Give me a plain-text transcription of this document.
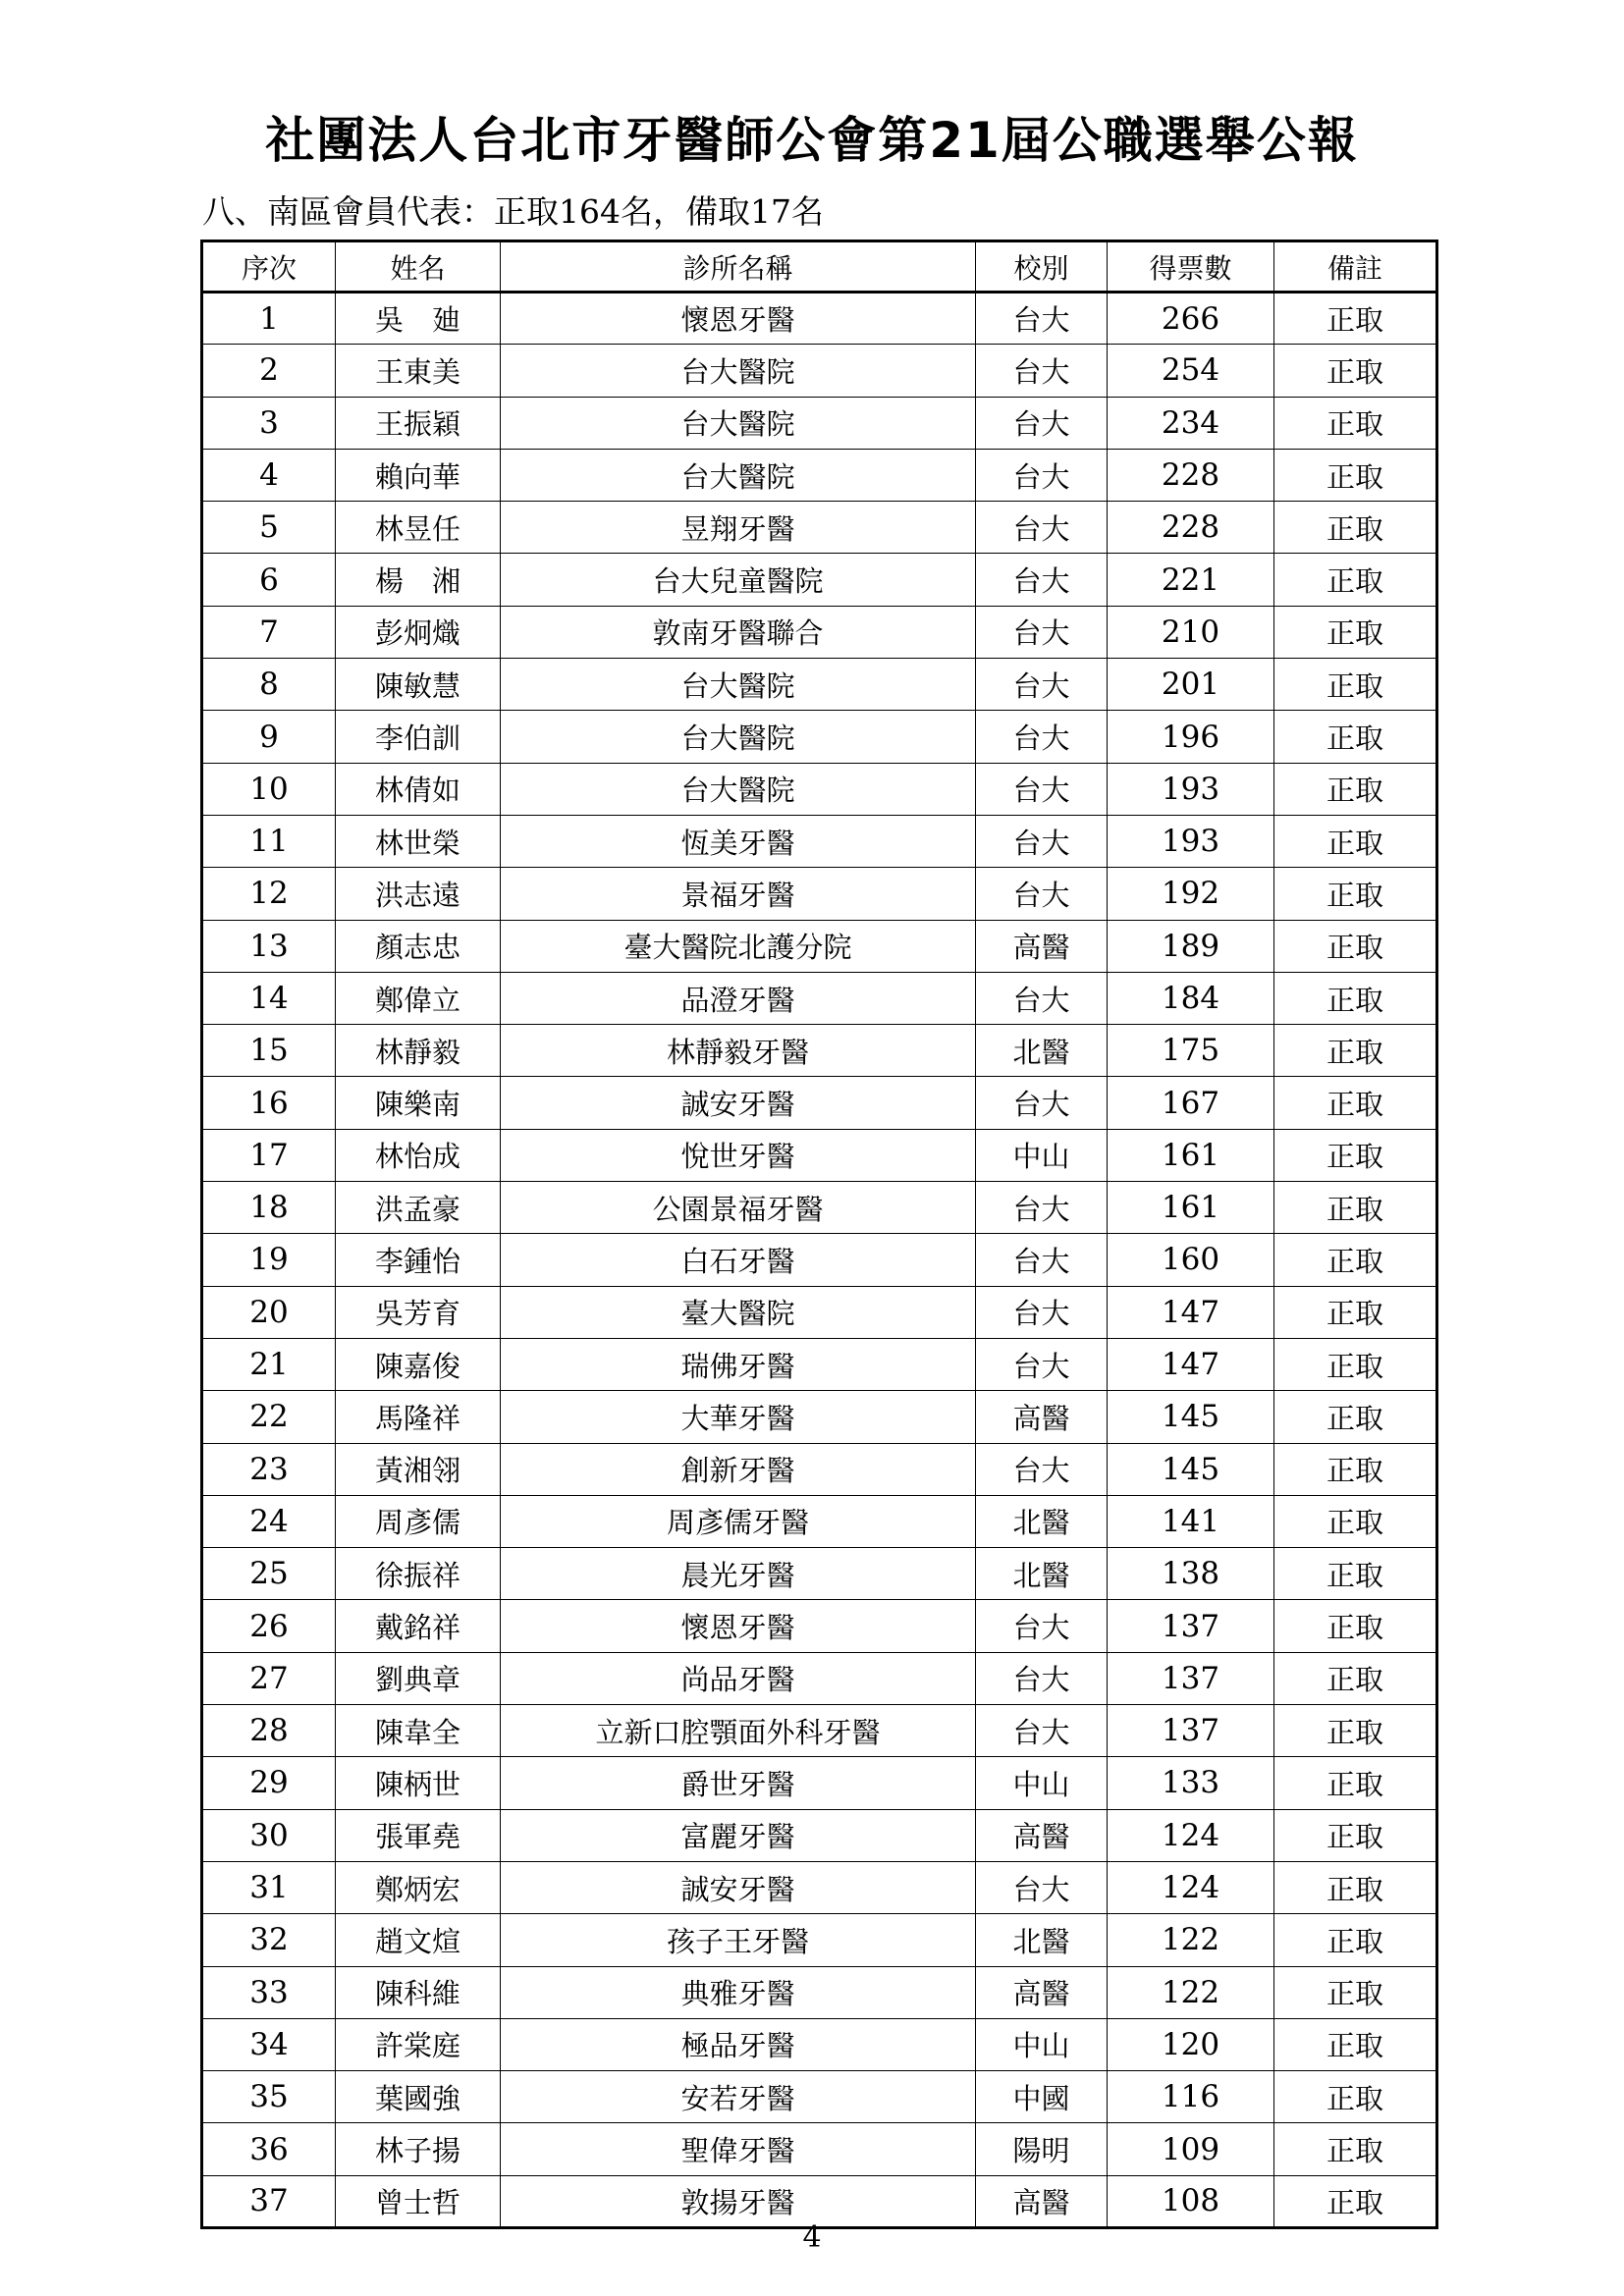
社團法人台北市牙醫師公會第21屆公職選舉公報
八、南區會員代表：正取164名，備取17名
序次	姓名	診所名稱	校別	得票數	備註
1	吳　廸	懷恩牙醫	台大	266	正取
2	王東美	台大醫院	台大	254	正取
3	王振穎	台大醫院	台大	234	正取
4	賴向華	台大醫院	台大	228	正取
5	林昱任	昱翔牙醫	台大	228	正取
6	楊　湘	台大兒童醫院	台大	221	正取
7	彭炯熾	敦南牙醫聯合	台大	210	正取
8	陳敏慧	台大醫院	台大	201	正取
9	李伯訓	台大醫院	台大	196	正取
10	林倩如	台大醫院	台大	193	正取
11	林世榮	恆美牙醫	台大	193	正取
12	洪志遠	景福牙醫	台大	192	正取
13	顏志忠	臺大醫院北護分院	高醫	189	正取
14	鄭偉立	品澄牙醫	台大	184	正取
15	林靜毅	林靜毅牙醫	北醫	175	正取
16	陳樂南	誠安牙醫	台大	167	正取
17	林怡成	悅世牙醫	中山	161	正取
18	洪孟豪	公園景福牙醫	台大	161	正取
19	李鍾怡	白石牙醫	台大	160	正取
20	吳芳育	臺大醫院	台大	147	正取
21	陳嘉俊	瑞佛牙醫	台大	147	正取
22	馬隆祥	大華牙醫	高醫	145	正取
23	黃湘翎	創新牙醫	台大	145	正取
24	周彥儒	周彥儒牙醫	北醫	141	正取
25	徐振祥	晨光牙醫	北醫	138	正取
26	戴銘祥	懷恩牙醫	台大	137	正取
27	劉典章	尚品牙醫	台大	137	正取
28	陳韋全	立新口腔顎面外科牙醫	台大	137	正取
29	陳柄世	爵世牙醫	中山	133	正取
30	張軍堯	富麗牙醫	高醫	124	正取
31	鄭炳宏	誠安牙醫	台大	124	正取
32	趙文煊	孩子王牙醫	北醫	122	正取
33	陳科維	典雅牙醫	高醫	122	正取
34	許棠庭	極品牙醫	中山	120	正取
35	葉國強	安若牙醫	中國	116	正取
36	林子揚	聖偉牙醫	陽明	109	正取
37	曾士哲	敦揚牙醫	高醫	108	正取
4
